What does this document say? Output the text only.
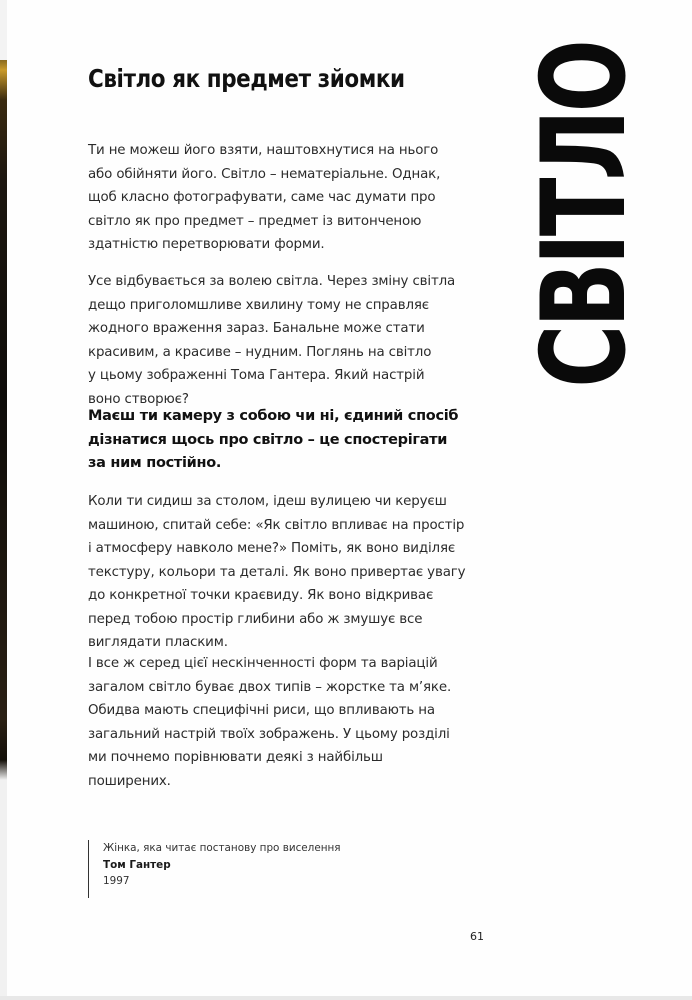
Світло як предмет зйомки СВІТЛО

Ти не можеш його взяти, наштовхнутися на нього
або обійняти його. Світло – нематеріальне. Однак,
щоб класно фотографувати, саме час думати про
світло як про предмет – предмет із витонченою
здатністю перетворювати форми.

Усе відбувається за волею світла. Через зміну світла
дещо приголомшливе хвилину тому не справляє
жодного враження зараз. Банальне може стати
красивим, а красиве – нудним. Поглянь на світло
у цьому зображенні Тома Гантера. Який настрій
воно створює?

Маєш ти камеру з собою чи ні, єдиний спосіб
дізнатися щось про світло – це спостерігати
за ним постійно.

Коли ти сидиш за столом, ідеш вулицею чи керуєш
машиною, спитай себе: «Як світло впливає на простір
і атмосферу навколо мене?» Поміть, як воно виділяє
текстуру, кольори та деталі. Як воно привертає увагу
до конкретної точки краєвиду. Як воно відкриває
перед тобою простір глибини або ж змушує все
виглядати пласким.

І все ж серед цієї нескінченності форм та варіацій
загалом світло буває двох типів – жорстке та м’яке.
Обидва мають специфічні риси, що впливають на
загальний настрій твоїх зображень. У цьому розділі
ми почнемо порівнювати деякі з найбільш
поширених.

Жінка, яка читає постанову про виселення
Том Гантер
1997
61
